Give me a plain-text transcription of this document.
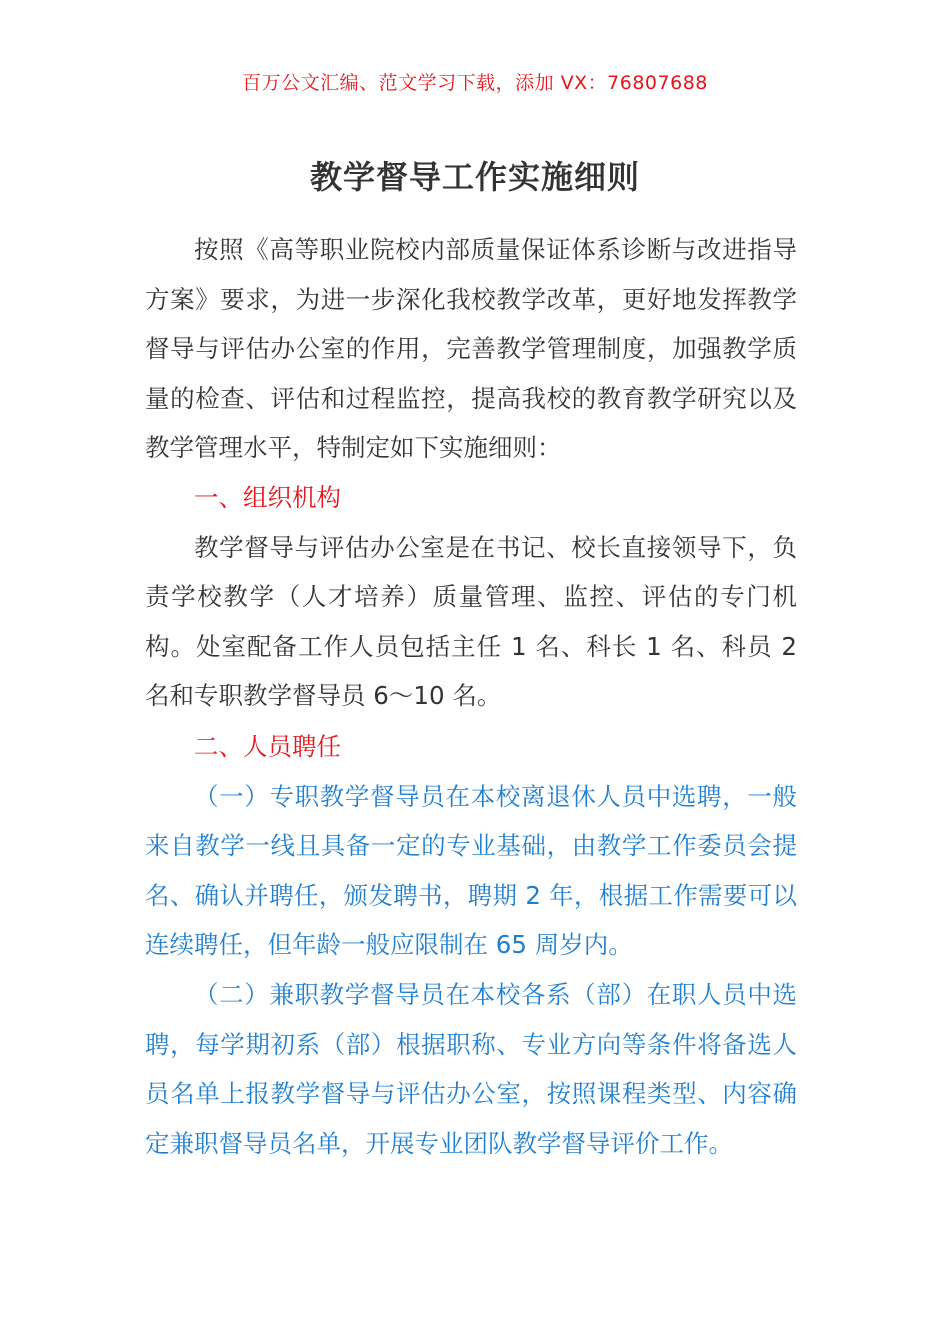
百万公文汇编、范文学习下载，添加 VX：76807688
教学督导工作实施细则

按照《高等职业院校内部质量保证体系诊断与改进指导方案》要求，为进一步深化我校教学改革，更好地发挥教学督导与评估办公室的作用，完善教学管理制度，加强教学质量的检查、评估和过程监控，提高我校的教育教学研究以及教学管理水平，特制定如下实施细则：

一、组织机构

教学督导与评估办公室是在书记、校长直接领导下，负责学校教学（人才培养）质量管理、监控、评估的专门机构。处室配备工作人员包括主任 1 名、科长 1 名、科员 2 名和专职教学督导员 6～10 名。

二、人员聘任

（一）专职教学督导员在本校离退休人员中选聘，一般来自教学一线且具备一定的专业基础，由教学工作委员会提名、确认并聘任，颁发聘书，聘期 2 年，根据工作需要可以连续聘任，但年龄一般应限制在 65 周岁内。

（二）兼职教学督导员在本校各系（部）在职人员中选聘，每学期初系（部）根据职称、专业方向等条件将备选人员名单上报教学督导与评估办公室，按照课程类型、内容确定兼职督导员名单，开展专业团队教学督导评价工作。
